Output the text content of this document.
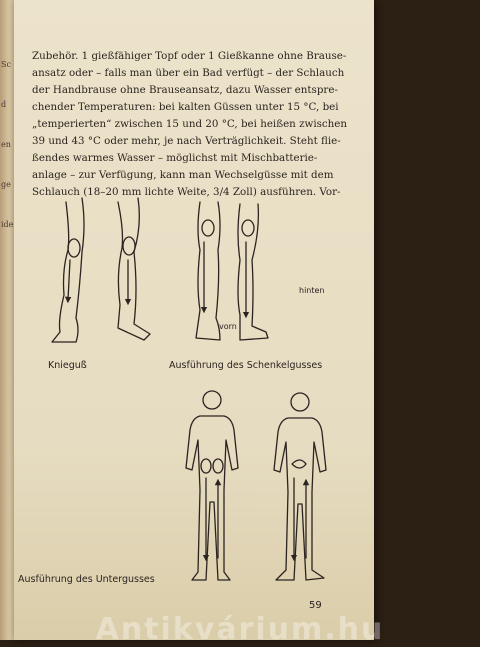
Sc
d
en
ge
ide
Zubehör. 1 gießfähiger Topf oder 1 Gießkanne ohne Brause-
ansatz oder – falls man über ein Bad verfügt – der Schlauch
der Handbrause ohne Brauseansatz, dazu Wasser entspre-
chender Temperaturen: bei kalten Güssen unter 15 °C, bei
„temperierten“ zwischen 15 und 20 °C, bei heißen zwischen
39 und 43 °C oder mehr, je nach Verträglichkeit. Steht flie-
ßendes warmes Wasser – möglichst mit Mischbatterie-
anlage – zur Verfügung, kann man Wechselgüsse mit dem
Schlauch (18–20 mm lichte Weite, 3/4 Zoll) ausführen. Vor-
hinten
vorn
Knieguß	Ausführung des Schenkelgusses
Ausführung des Untergusses
59
Antikvárium.hu
